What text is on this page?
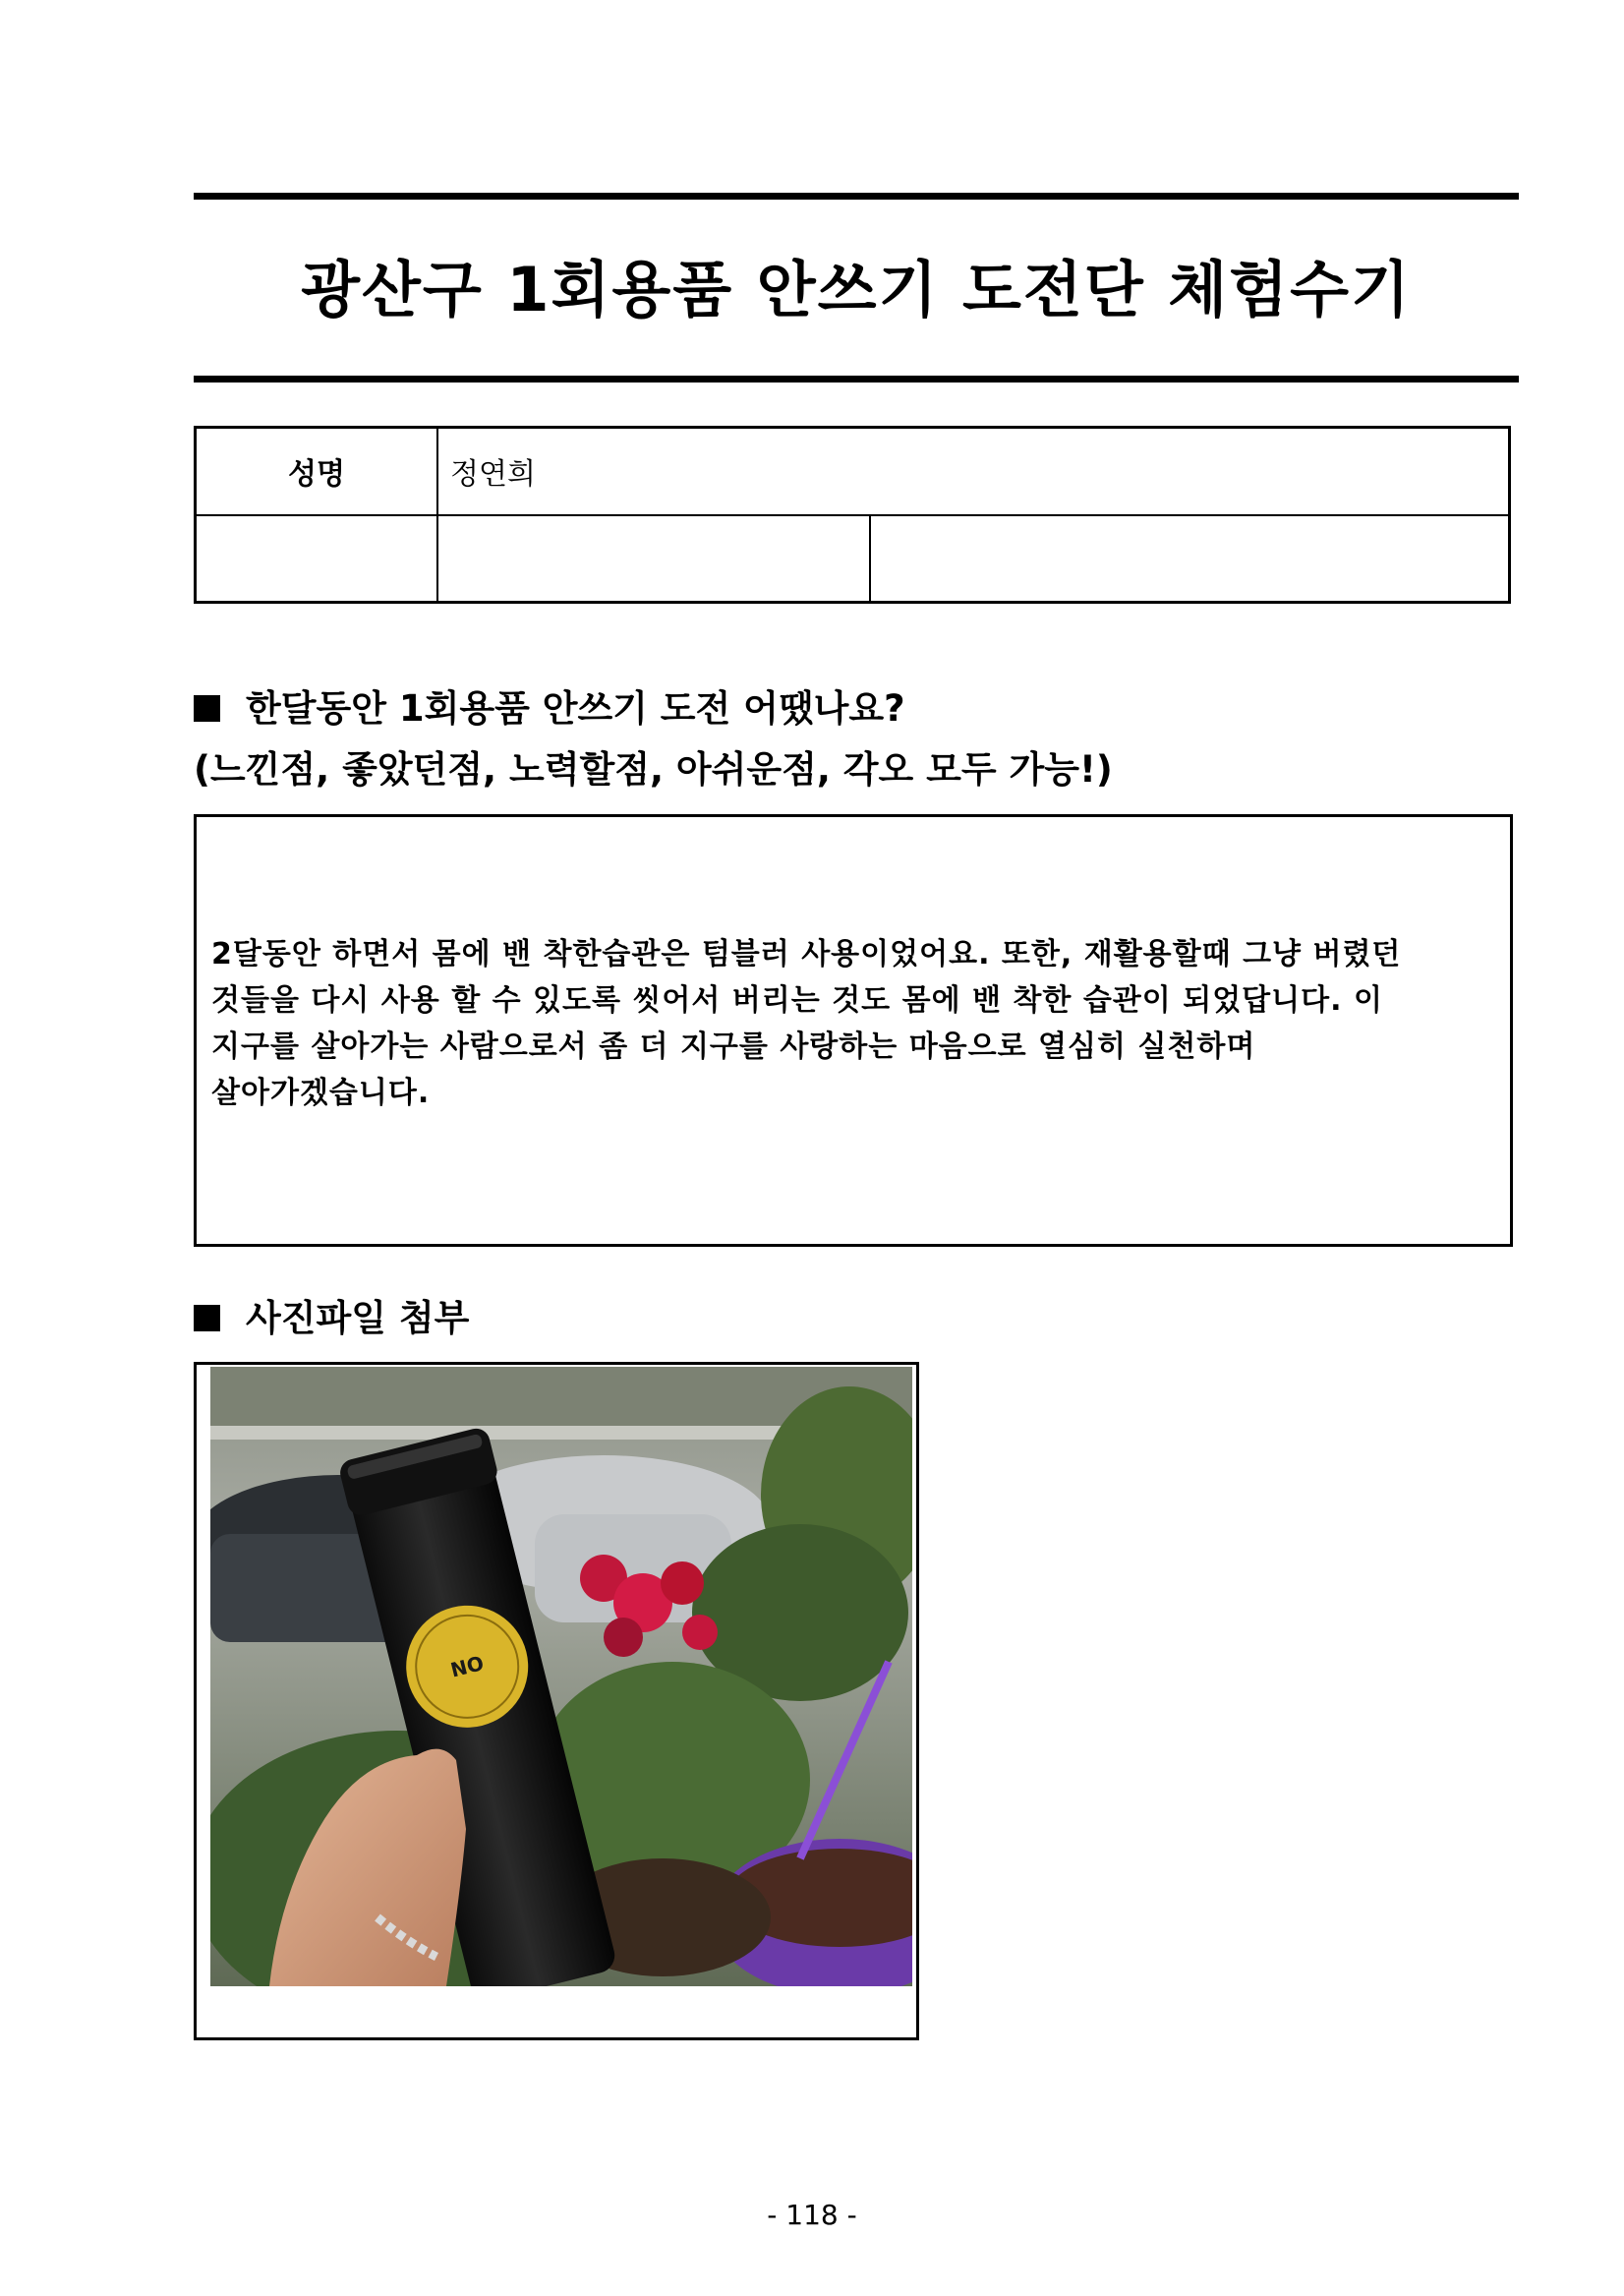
광산구 1회용품 안쓰기 도전단 체험수기
성명	정연희	

한달동안 1회용품 안쓰기 도전 어땠나요?
(느낀점, 좋았던점, 노력할점, 아쉬운점, 각오 모두 가능!)
2달동안 하면서 몸에 밴 착한습관은 텀블러 사용이었어요. 또한, 재활용할때 그냥 버렸던
것들을 다시 사용 할 수 있도록 씻어서 버리는 것도 몸에 밴 착한 습관이 되었답니다. 이
지구를 살아가는 사람으로서 좀 더 지구를 사랑하는 마음으로 열심히 실천하며
살아가겠습니다.
사진파일 첨부
NO
- 118 -
